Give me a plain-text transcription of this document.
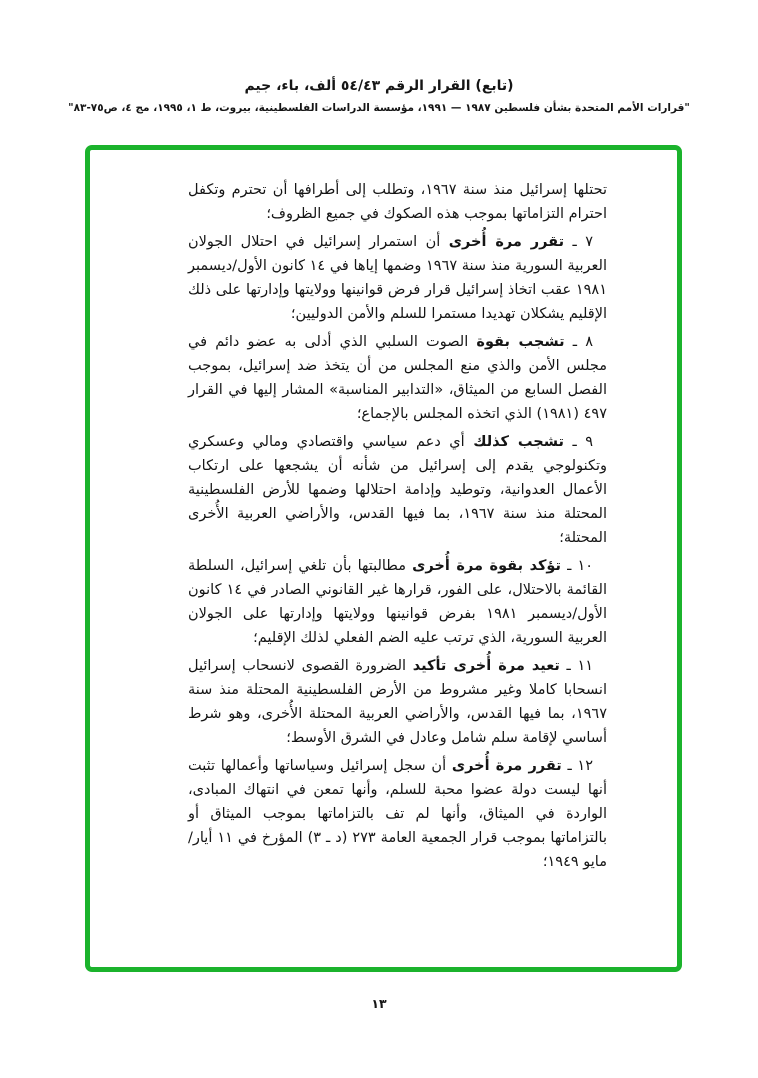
(تابع) القرار الرقم ٥٤/٤٣ ألف، باء، جيم
"قرارات الأمم المتحدة بشأن فلسطين ١٩٨٧ — ١٩٩١، مؤسسة الدراسات الفلسطينية، بيروت، ط ١، ١٩٩٥، مج ٤، ص٧٥-٨٣"

تحتلها إسرائيل منذ سنة ١٩٦٧، وتطلب إلى أطرافها أن تحترم وتكفل احترام التزاماتها بموجب هذه الصكوك في جميع الظروف؛

٧ ـ تقرر مرة أُخرى أن استمرار إسرائيل في احتلال الجولان العربية السورية منذ سنة ١٩٦٧ وضمها إياها في ١٤ كانون الأول/ديسمبر ١٩٨١ عقب اتخاذ إسرائيل قرار فرض قوانينها وولايتها وإدارتها على ذلك الإقليم يشكلان تهديدا مستمرا للسلم والأمن الدوليين؛

٨ ـ تشجب بقوة الصوت السلبي الذي أدلى به عضو دائم في مجلس الأمن والذي منع المجلس من أن يتخذ ضد إسرائيل، بموجب الفصل السابع من الميثاق، «التدابير المناسبة» المشار إليها في القرار ٤٩٧ (١٩٨١) الذي اتخذه المجلس بالإجماع؛

٩ ـ تشجب كذلك أي دعم سياسي واقتصادي ومالي وعسكري وتكنولوجي يقدم إلى إسرائيل من شأنه أن يشجعها على ارتكاب الأعمال العدوانية، وتوطيد وإدامة احتلالها وضمها للأرض الفلسطينية المحتلة منذ سنة ١٩٦٧، بما فيها القدس، والأراضي العربية الأُخرى المحتلة؛

١٠ ـ تؤكد بقوة مرة أُخرى مطالبتها بأن تلغي إسرائيل، السلطة القائمة بالاحتلال، على الفور، قرارها غير القانوني الصادر في ١٤ كانون الأول/ديسمبر ١٩٨١ بفرض قوانينها وولايتها وإدارتها على الجولان العربية السورية، الذي ترتب عليه الضم الفعلي لذلك الإقليم؛

١١ ـ تعيد مرة أُخرى تأكيد الضرورة القصوى لانسحاب إسرائيل انسحابا كاملا وغير مشروط من الأرض الفلسطينية المحتلة منذ سنة ١٩٦٧، بما فيها القدس، والأراضي العربية المحتلة الأُخرى، وهو شرط أساسي لإقامة سلم شامل وعادل في الشرق الأوسط؛

١٢ ـ تقرر مرة أُخرى أن سجل إسرائيل وسياساتها وأعمالها تثبت أنها ليست دولة عضوا محبة للسلم، وأنها تمعن في انتهاك المبادى، الواردة في الميثاق، وأنها لم تف بالتزاماتها بموجب الميثاق أو بالتزاماتها بموجب قرار الجمعية العامة ٢٧٣ (د ـ ٣) المؤرخ في ١١ أيار/مايو ١٩٤٩؛

١٣
